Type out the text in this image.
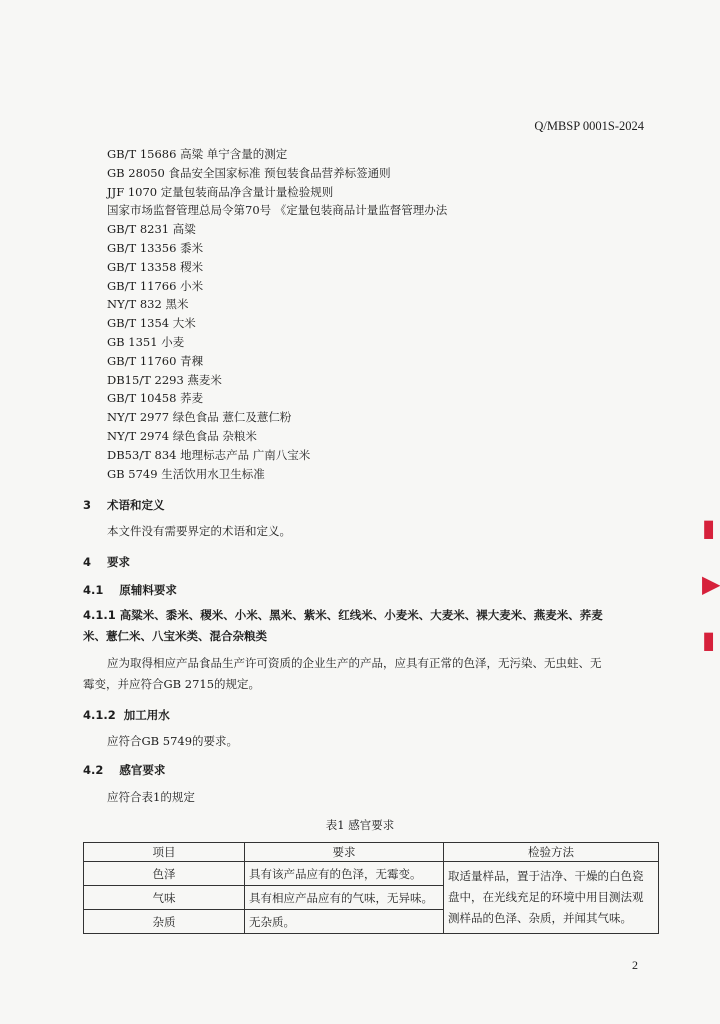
Q/MBSP 0001S-2024
GB/T 15686 高粱 单宁含量的测定
GB 28050 食品安全国家标准 预包装食品营养标签通则
JJF 1070 定量包装商品净含量计量检验规则
国家市场监督管理总局令第70号 《定量包装商品计量监督管理办法
GB/T 8231 高粱
GB/T 13356 黍米
GB/T 13358 稷米
GB/T 11766 小米
NY/T 832 黑米
GB/T 1354 大米
GB 1351 小麦
GB/T 11760 青稞
DB15/T 2293 燕麦米
GB/T 10458 荞麦
NY/T 2977 绿色食品 薏仁及薏仁粉
NY/T 2974 绿色食品 杂粮米
DB53/T 834 地理标志产品 广南八宝米
GB 5749 生活饮用水卫生标准
3 术语和定义
本文件没有需要界定的术语和定义。
4 要求
4.1 原辅料要求
4.1.1 高粱米、黍米、稷米、小米、黑米、紫米、红线米、小麦米、大麦米、裸大麦米、燕麦米、荞麦
米、薏仁米、八宝米类、混合杂粮类
应为取得相应产品食品生产许可资质的企业生产的产品，应具有正常的色泽，无污染、无虫蛀、无
霉变，并应符合GB 2715的规定。
4.1.2 加工用水
应符合GB 5749的要求。
4.2 感官要求
应符合表1的规定
表1 感官要求
项目	要求	检验方法
色泽	具有该产品应有的色泽，无霉变。	取适量样品，置于洁净、干燥的白色瓷盘中，在光线充足的环境中用目测法观测样品的色泽、杂质，并闻其气味。
气味	具有相应产品应有的气味，无异味。	
杂质	无杂质。	
2
▮
▶
▮
